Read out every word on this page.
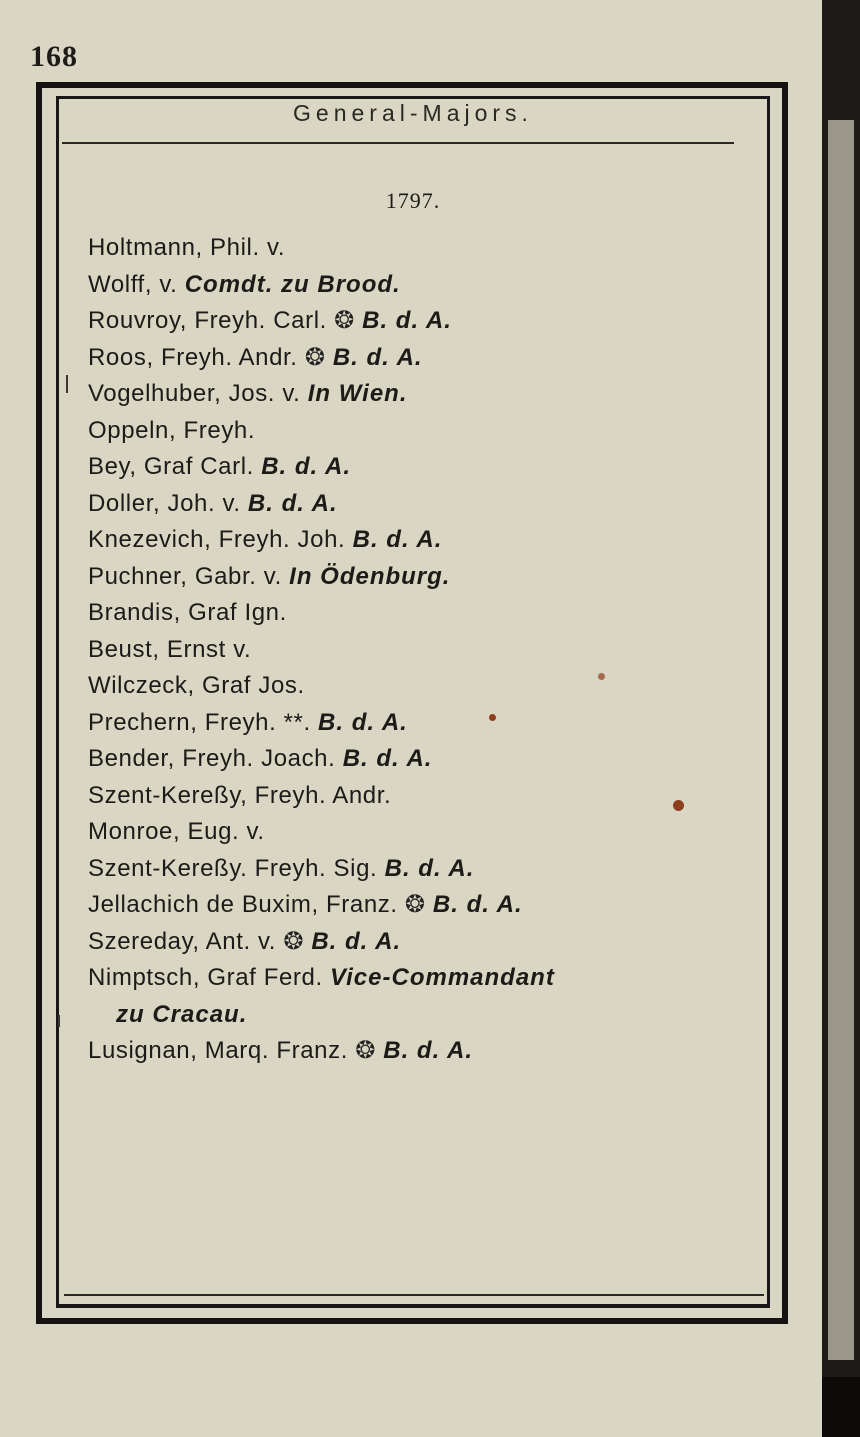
168
General-Majors.
1797.
Holtmann, Phil. v.
Wolff, v. Comdt. zu Brood.
Rouvroy, Freyh. Carl. ❂ B. d. A.
Roos, Freyh. Andr. ❂ B. d. A.
Vogelhuber, Jos. v. In Wien.
Oppeln, Freyh.
Bey, Graf Carl. B. d. A.
Doller, Joh. v. B. d. A.
Knezevich, Freyh. Joh. B. d. A.
Puchner, Gabr. v. In Ödenburg.
Brandis, Graf Ign.
Beust, Ernst v.
Wilczeck, Graf Jos.
Prechern, Freyh. **. B. d. A.
Bender, Freyh. Joach. B. d. A.
Szent-Kereßy, Freyh. Andr.
Monroe, Eug. v.
Szent-Kereßy. Freyh. Sig. B. d. A.
Jellachich de Buxim, Franz. ❂ B. d. A.
Szereday, Ant. v. ❂ B. d. A.
Nimptsch, Graf Ferd. Vice-Commandant
zu Cracau.
Lusignan, Marq. Franz. ❂ B. d. A.
